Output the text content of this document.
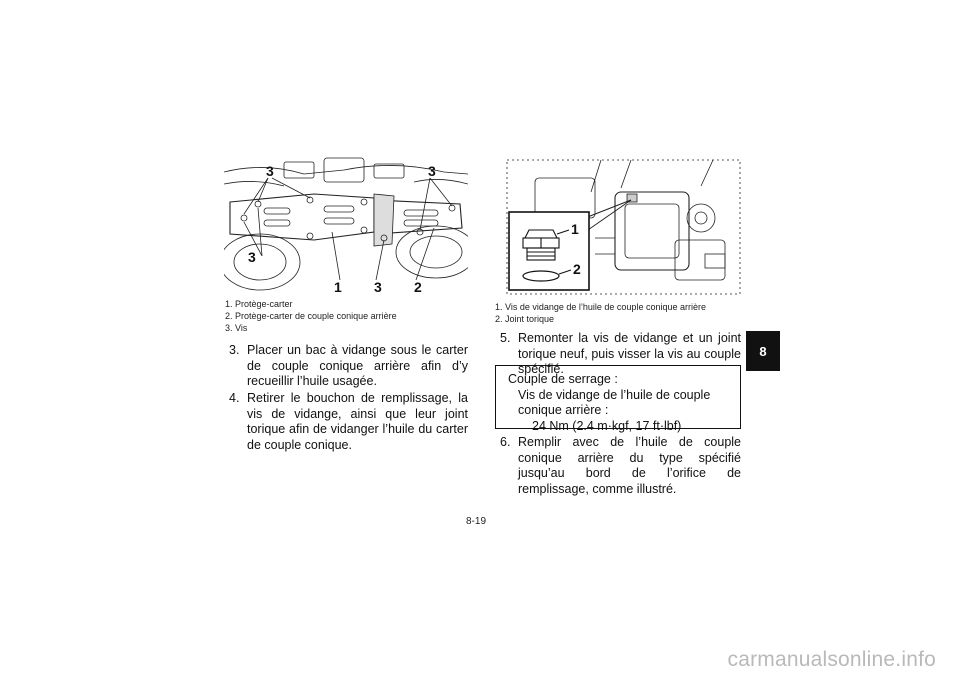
3	3
3
1 3 2
1. Protège-carter
2. Protège-carter de couple conique arrière
3. Vis
3. Placer un bac à vidange sous le carter de couple conique arrière afin d’y recueillir l’huile usagée.
4. Retirer le bouchon de remplissage, la vis de vidange, ainsi que leur joint torique afin de vidanger l’huile du carter de couple conique.
1
2
1. Vis de vidange de l’huile de couple conique arrière
2. Joint torique
5. Remonter la vis de vidange et un joint torique neuf, puis visser la vis au couple spécifié.
Couple de serrage :
Vis de vidange de l’huile de couple conique arrière :
24 Nm (2.4 m·kgf, 17 ft·lbf)
6. Remplir avec de l’huile de couple conique arrière du type spécifié jusqu’au bord de l’orifice de remplissage, comme illustré.
8
8-19
carmanualsonline.info
